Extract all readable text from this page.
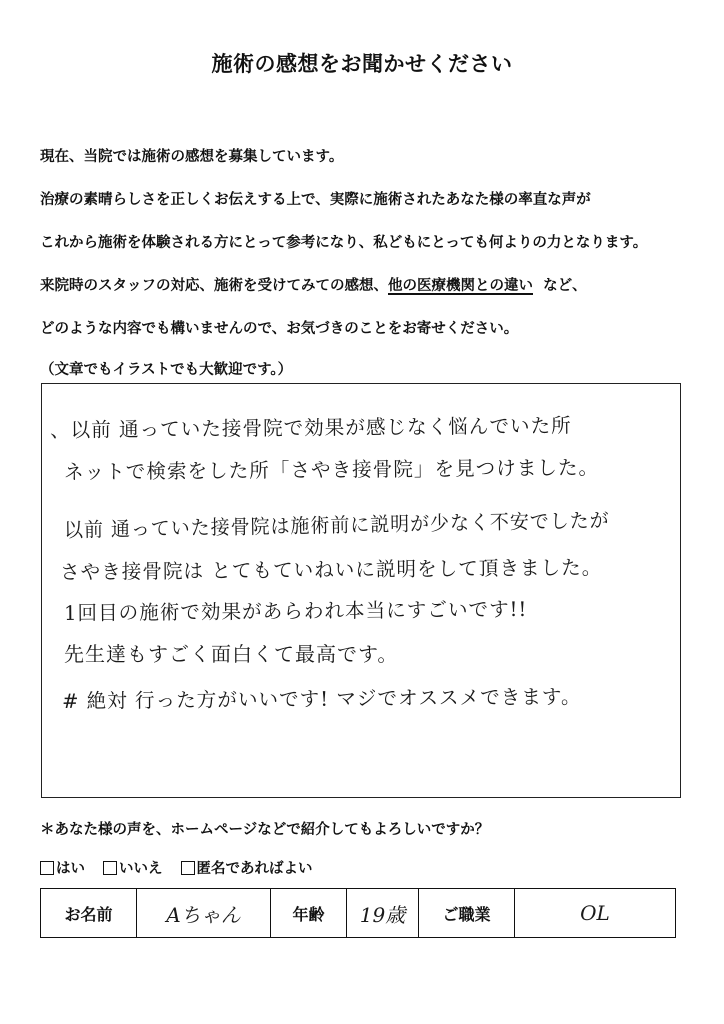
施術の感想をお聞かせください
現在、当院では施術の感想を募集しています。
治療の素晴らしさを正しくお伝えする上で、実際に施術されたあなた様の率直な声が
これから施術を体験される方にとって参考になり、私どもにとっても何よりの力となります。
来院時のスタッフの対応、施術を受けてみての感想、他の医療機関との違い など、
どのような内容でも構いませんので、お気づきのことをお寄せください。
（文章でもイラストでも大歓迎です。）
、以前 通っていた接骨院で効果が感じなく悩んでいた所
ネットで検索をした所「さやき接骨院」を見つけました。
以前 通っていた接骨院は施術前に説明が少なく不安でしたが
さやき接骨院は とてもていねいに説明をして頂きました。
1回目の施術で効果があらわれ本当にすごいです!!
先生達もすごく面白くて最高です。
# 絶対 行った方がいいです! マジでオススメできます。
＊あなた様の声を、ホームページなどで紹介してもよろしいですか？
はい いいえ 匿名であればよい
お名前	Aちゃん	年齢	19歳	ご職業	OL
